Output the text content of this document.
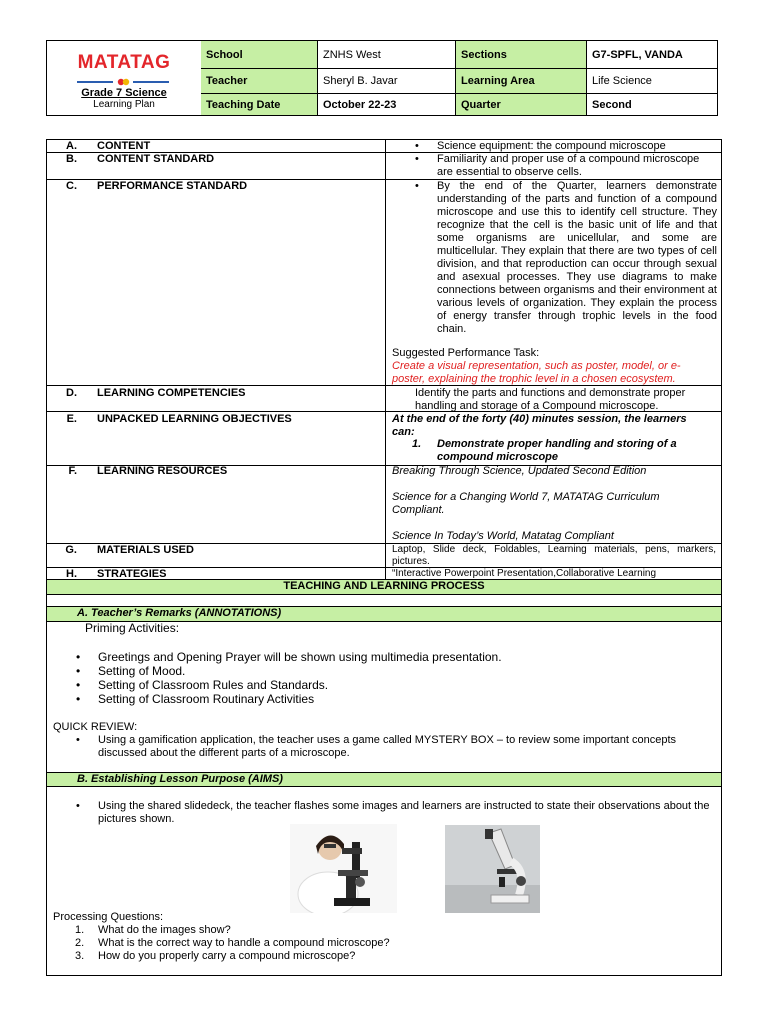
MATATAG
Grade 7 Science
Learning Plan
School	ZNHS West	Sections	G7-SPFL, VANDA
Teacher	Sheryl B. Javar	Learning Area	Life Science
Teaching Date	October 22-23	Quarter	Second
A. CONTENT	• Science equipment: the compound microscope
B. CONTENT STANDARD	• Familiarity and proper use of a compound microscope are essential to observe cells.
C. PERFORMANCE STANDARD	• By the end of the Quarter, learners demonstrate understanding of the parts and function of a compound microscope and use this to identify cell structure. They recognize that the cell is the basic unit of life and that some organisms are unicellular, and some are multicellular. They explain that there are two types of cell division, and that reproduction can occur through sexual and asexual processes. They use diagrams to make connections between organisms and their environment at various levels of organization. They explain the process of energy transfer through trophic levels in the food chain.
Suggested Performance Task:
Create a visual representation, such as poster, model, or e-poster, explaining the trophic level in a chosen ecosystem.
D. LEARNING COMPETENCIES	Identify the parts and functions and demonstrate proper handling and storage of a Compound microscope.
E. UNPACKED LEARNING OBJECTIVES	At the end of the forty (40) minutes session, the learners can:
1. Demonstrate proper handling and storing of a compound microscope
F. LEARNING RESOURCES	Breaking Through Science, Updated Second Edition
Science for a Changing World 7, MATATAG Curriculum Compliant.
Science In Today’s World, Matatag Compliant
G. MATERIALS USED	Laptop, Slide deck, Foldables, Learning materials, pens, markers, pictures.
H. STRATEGIES	“Interactive Powerpoint Presentation,Collaborative Learning
TEACHING AND LEARNING PROCESS
A. Teacher’s Remarks (ANNOTATIONS)
Priming Activities:
• Greetings and Opening Prayer will be shown using multimedia presentation.
• Setting of Mood.
• Setting of Classroom Rules and Standards.
• Setting of Classroom Routinary Activities
QUICK REVIEW:
• Using a gamification application, the teacher uses a game called MYSTERY BOX – to review some important concepts discussed about the different parts of a microscope.
B. Establishing Lesson Purpose (AIMS)
• Using the shared slidedeck, the teacher flashes some images and learners are instructed to state their observations about the pictures shown.
Processing Questions:
1. What do the images show?
2. What is the correct way to handle a compound microscope?
3. How do you properly carry a compound microscope?
